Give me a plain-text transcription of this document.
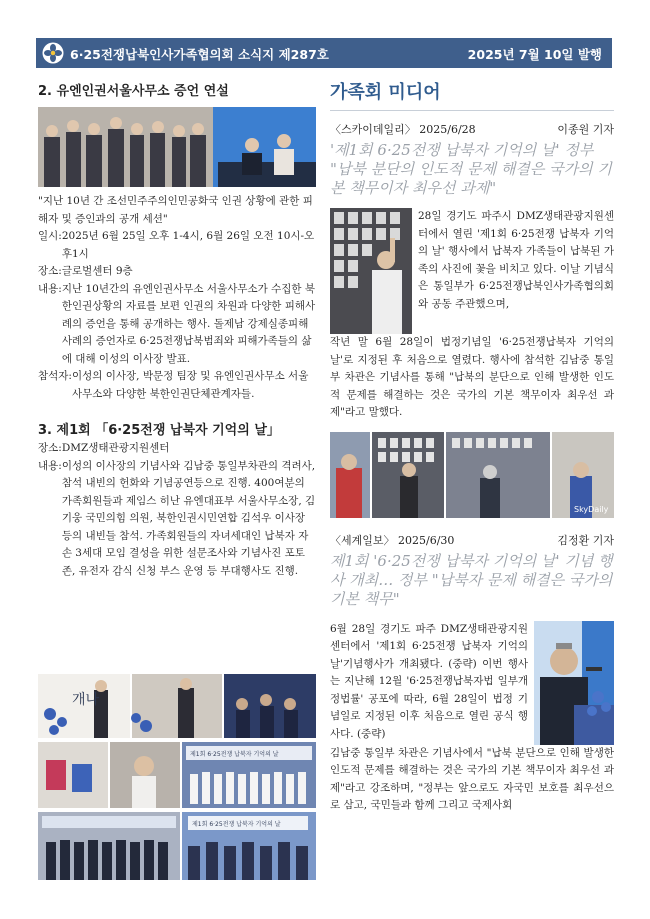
6·25전쟁납북인사가족협의회 소식지 제287호	2025년 7월 10일 발행
2. 유엔인권서울사무소 증언 연설

"지난 10년 간 조선민주주의인민공화국 인권 상황에 관한 피해자 및 증인과의 공개 세션"

일시: 2025년 6월 25일 오후 1-4시, 6월 26일 오전 10시-오후1시
장소: 글로벌센터 9층
내용: 지난 10년간의 유엔인권사무소 서울사무소가 수집한 북한인권상황의 자료를 보편 인권의 차원과 다양한 피해사례의 증언을 통해 공개하는 행사. 돌제남 강제실종피해사례의 증언자로 6·25전쟁납북범죄와 피해가족들의 삶에 대해 이성의 이사장 발표.
참석자: 이성의 이사장, 박문정 팀장 및 유엔인권사무소 서울사무소와 다양한 북한인권단체관계자들.
3. 제1회 「6·25전쟁 납북자 기억의 날」
장소: DMZ생태관광지원센터
내용: 이성의 이사장의 기념사와 김남중 통일부차관의 격려사, 참석 내빈의 헌화와 기념공연등으로 진행. 400여분의 가족회원들과 제임스 히난 유엔대표부 서울사무소장, 김기웅 국민의힘 의원, 북한인권시민연합 김석우 이사장 등의 내빈들 참석. 가족회원들의 자녀세대인 납북자 자손 3세대 모임 결성을 위한 설문조사와 기념사진 포토존, 유전자 감식 신청 부스 운영 등 부대행사도 진행.
개나
제1회 6·25전쟁 납북자 기억의 날
제1회 6·25전쟁 납북자 기억의 날
가족회 미디어
〈스카이데일리〉 2025/6/28	이종원 기자

'제1회 6·25전쟁 납북자 기억의 날' 정부 "납북 분단의 인도적 문제 해결은 국가의 기본 책무이자 최우선 과제"

28일 경기도 파주시 DMZ생태관광지원센터에서 열린 '제1회 6·25전쟁 납북자 기억의 날' 행사에서 납북자 가족들이 납북된 가족의 사진에 꽃을 비치고 있다. 이날 기념식은 통일부가 6·25전쟁납북인사가족협의회와 공동 주관했으며,

작년 말 6월 28일이 법정기념일 '6·25전쟁납북자 기억의 날'로 지정된 후 처음으로 열렸다. 행사에 참석한 김남중 통일부 차관은 기념사를 통해 "납북의 분단으로 인해 발생한 인도적 문제를 해결하는 것은 국가의 기본 책무이자 최우선 과제"라고 말했다.

SkyDaily
〈세계일보〉 2025/6/30	김정환 기자

제1회 '6·25전쟁 납북자 기억의 날' 기념 행사 개최… 정부 "납북자 문제 해결은 국가의 기본 책무"

6월 28일 경기도 파주 DMZ생태관광지원센터에서 '제1회 6·25전쟁 납북자 기억의 날'기념행사가 개최됐다. (중략) 이번 행사는 지난해 12월 '6·25전쟁납북자법 일부개정법률' 공포에 따라, 6월 28일이 법정 기념일로 지정된 이후 처음으로 열린 공식 행사다. (중략)

김남중 통일부 차관은 기념사에서 "납북 분단으로 인해 발생한 인도적 문제를 해결하는 것은 국가의 기본 책무이자 최우선 과제"라고 강조하며, "정부는 앞으로도 자국민 보호를 최우선으로 삼고, 국민들과 함께 그리고 국제사회
